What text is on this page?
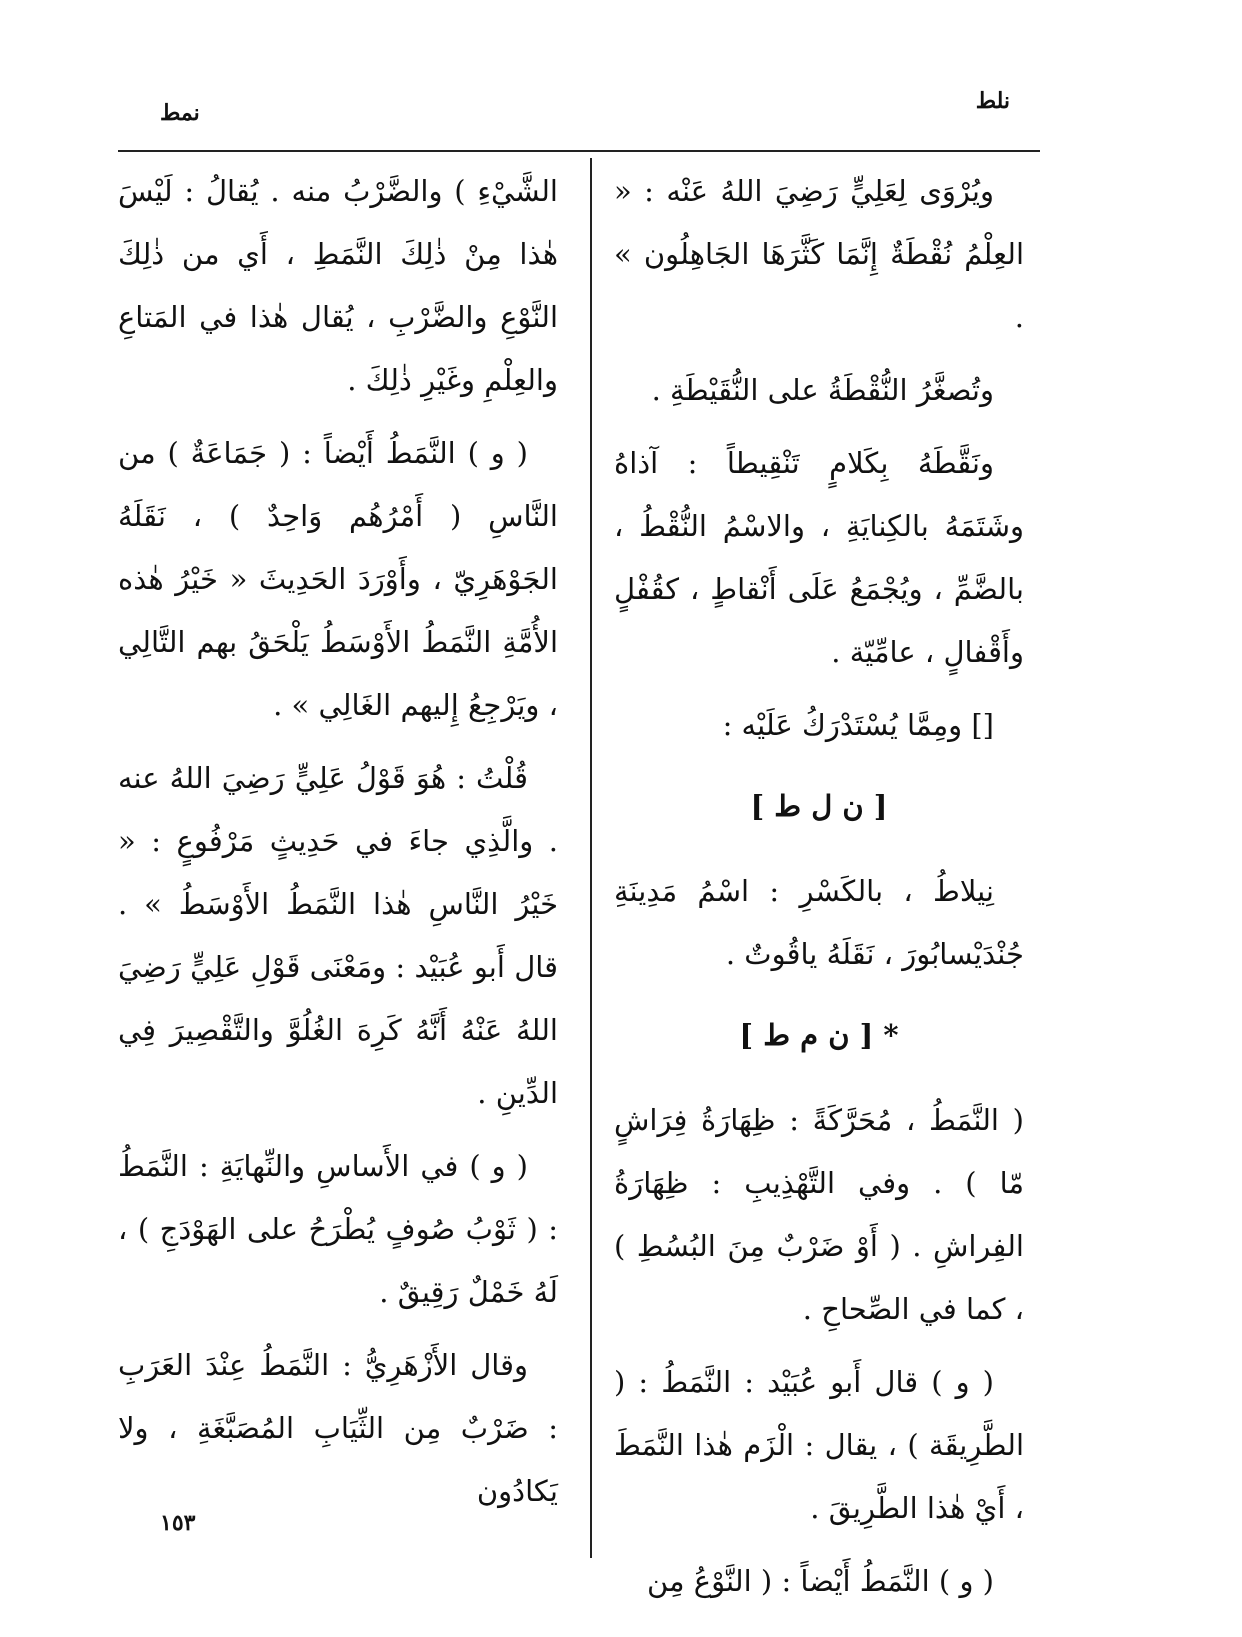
نمط	نلط

ويُرْوَى لِعَلِيٍّ رَضِيَ اللهُ عَنْه : « العِلْمُ نُقْطَةٌ إِنَّمَا كَثَّرَهَا الجَاهِلُون » .

وتُصغَّرُ النُّقْطَةُ على النُّقَيْطَةِ .

ونَقَّطَهُ بِكَلامٍ تَنْقِيطاً : آذاهُ وشَتَمَهُ بالكِنايَةِ ، والاسْمُ النُّقْطُ ، بالضَّمِّ ، ويُجْمَعُ عَلَى أَنْقاطٍ ، كقُفْلٍ وأَقْفالٍ ، عامِّيّة .

[] ومِمَّا يُسْتَدْرَكُ عَلَيْه :

[ ن ل ط ]

نِيلاطُ ، بالكَسْرِ : اسْمُ مَدِينَةِ جُنْدَيْسابُورَ ، نَقَلَهُ ياقُوتٌ .

* [ ن م ط ]

( النَّمَطُ ، مُحَرَّكَةً : ظِهَارَةُ فِرَاشٍ مّا ) . وفي التَّهْذِيبِ : ظِهَارَةُ الفِراشِ . ( أَوْ ضَرْبٌ مِنَ البُسُطِ ) ، كما في الصِّحاحِ .

( و ) قال أَبو عُبَيْد : النَّمَطُ : ( الطَّرِيقَة ) ، يقال : الْزَم هٰذا النَّمَطَ ، أَيْ هٰذا الطَّرِيقَ .

( و ) النَّمَطُ أَيْضاً : ( النَّوْعُ مِن

الشَّيْءِ ) والضَّرْبُ منه . يُقالُ : لَيْسَ هٰذا مِنْ ذٰلِكَ النَّمَطِ ، أَي من ذٰلِكَ النَّوْعِ والضَّرْبِ ، يُقال هٰذا في المَتاعِ والعِلْمِ وغَيْرِ ذٰلِكَ .

( و ) النَّمَطُ أَيْضاً : ( جَمَاعَةٌ ) من النَّاسِ ( أَمْرُهُم وَاحِدٌ ) ، نَقَلَهُ الجَوْهَرِيّ ، وأَوْرَدَ الحَدِيثَ « خَيْرُ هٰذه الأُمَّةِ النَّمَطُ الأَوْسَطُ يَلْحَقُ بهم التَّالِي ، ويَرْجِعُ إِليهم الغَالِي » .

قُلْتُ : هُوَ قَوْلُ عَلِيٍّ رَضِيَ اللهُ عنه . والَّذِي جاءَ في حَدِيثٍ مَرْفُوعٍ : « خَيْرُ النَّاسِ هٰذا النَّمَطُ الأَوْسَطُ » . قال أَبو عُبَيْد : ومَعْنَى قَوْلِ عَلِيٍّ رَضِيَ اللهُ عَنْهُ أَنَّهُ كَرِهَ الغُلُوَّ والتَّقْصِيرَ فِي الدِّينِ .

( و ) في الأَساسِ والنِّهايَةِ : النَّمَطُ : ( ثَوْبُ صُوفٍ يُطْرَحُ على الهَوْدَجِ ) ، لَهُ خَمْلٌ رَقِيقٌ .

وقال الأَزْهَرِيُّ : النَّمَطُ عِنْدَ العَرَبِ : ضَرْبٌ مِن الثِّيَابِ المُصَبَّغَةِ ، ولا يَكادُون

١٥٣
